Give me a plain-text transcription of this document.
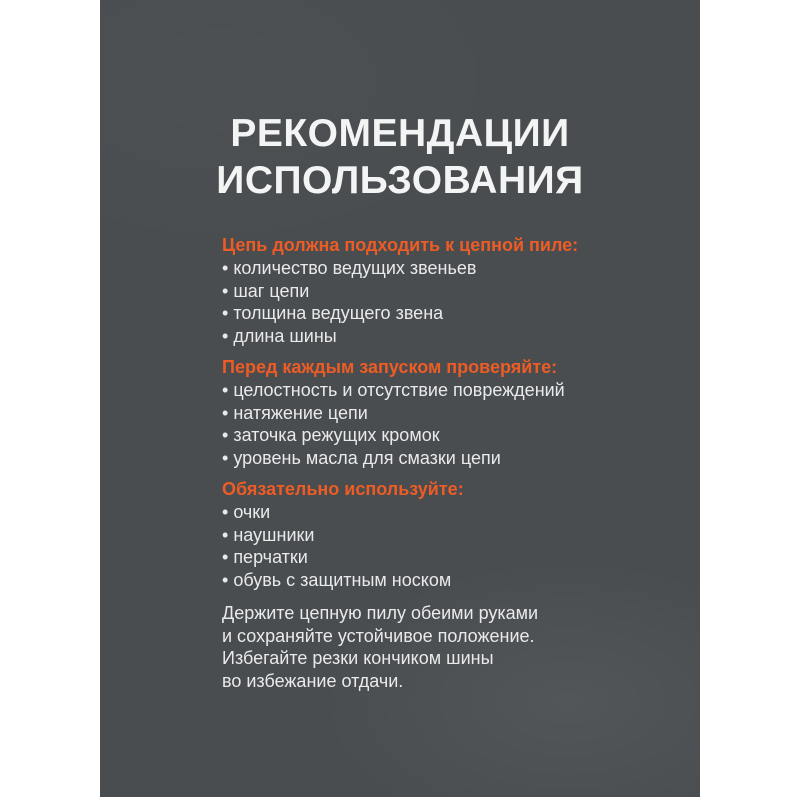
РЕКОМЕНДАЦИИ ИСПОЛЬЗОВАНИЯ
Цепь должна подходить к цепной пиле:
• количество ведущих звеньев
• шаг цепи
• толщина ведущего звена
• длина шины
Перед каждым запуском проверяйте:
• целостность и отсутствие повреждений
• натяжение цепи
• заточка режущих кромок
• уровень масла для смазки цепи
Обязательно используйте:
• очки
• наушники
• перчатки
• обувь с защитным носком
Держите цепную пилу обеими руками
и сохраняйте устойчивое положение.
Избегайте резки кончиком шины
во избежание отдачи.
